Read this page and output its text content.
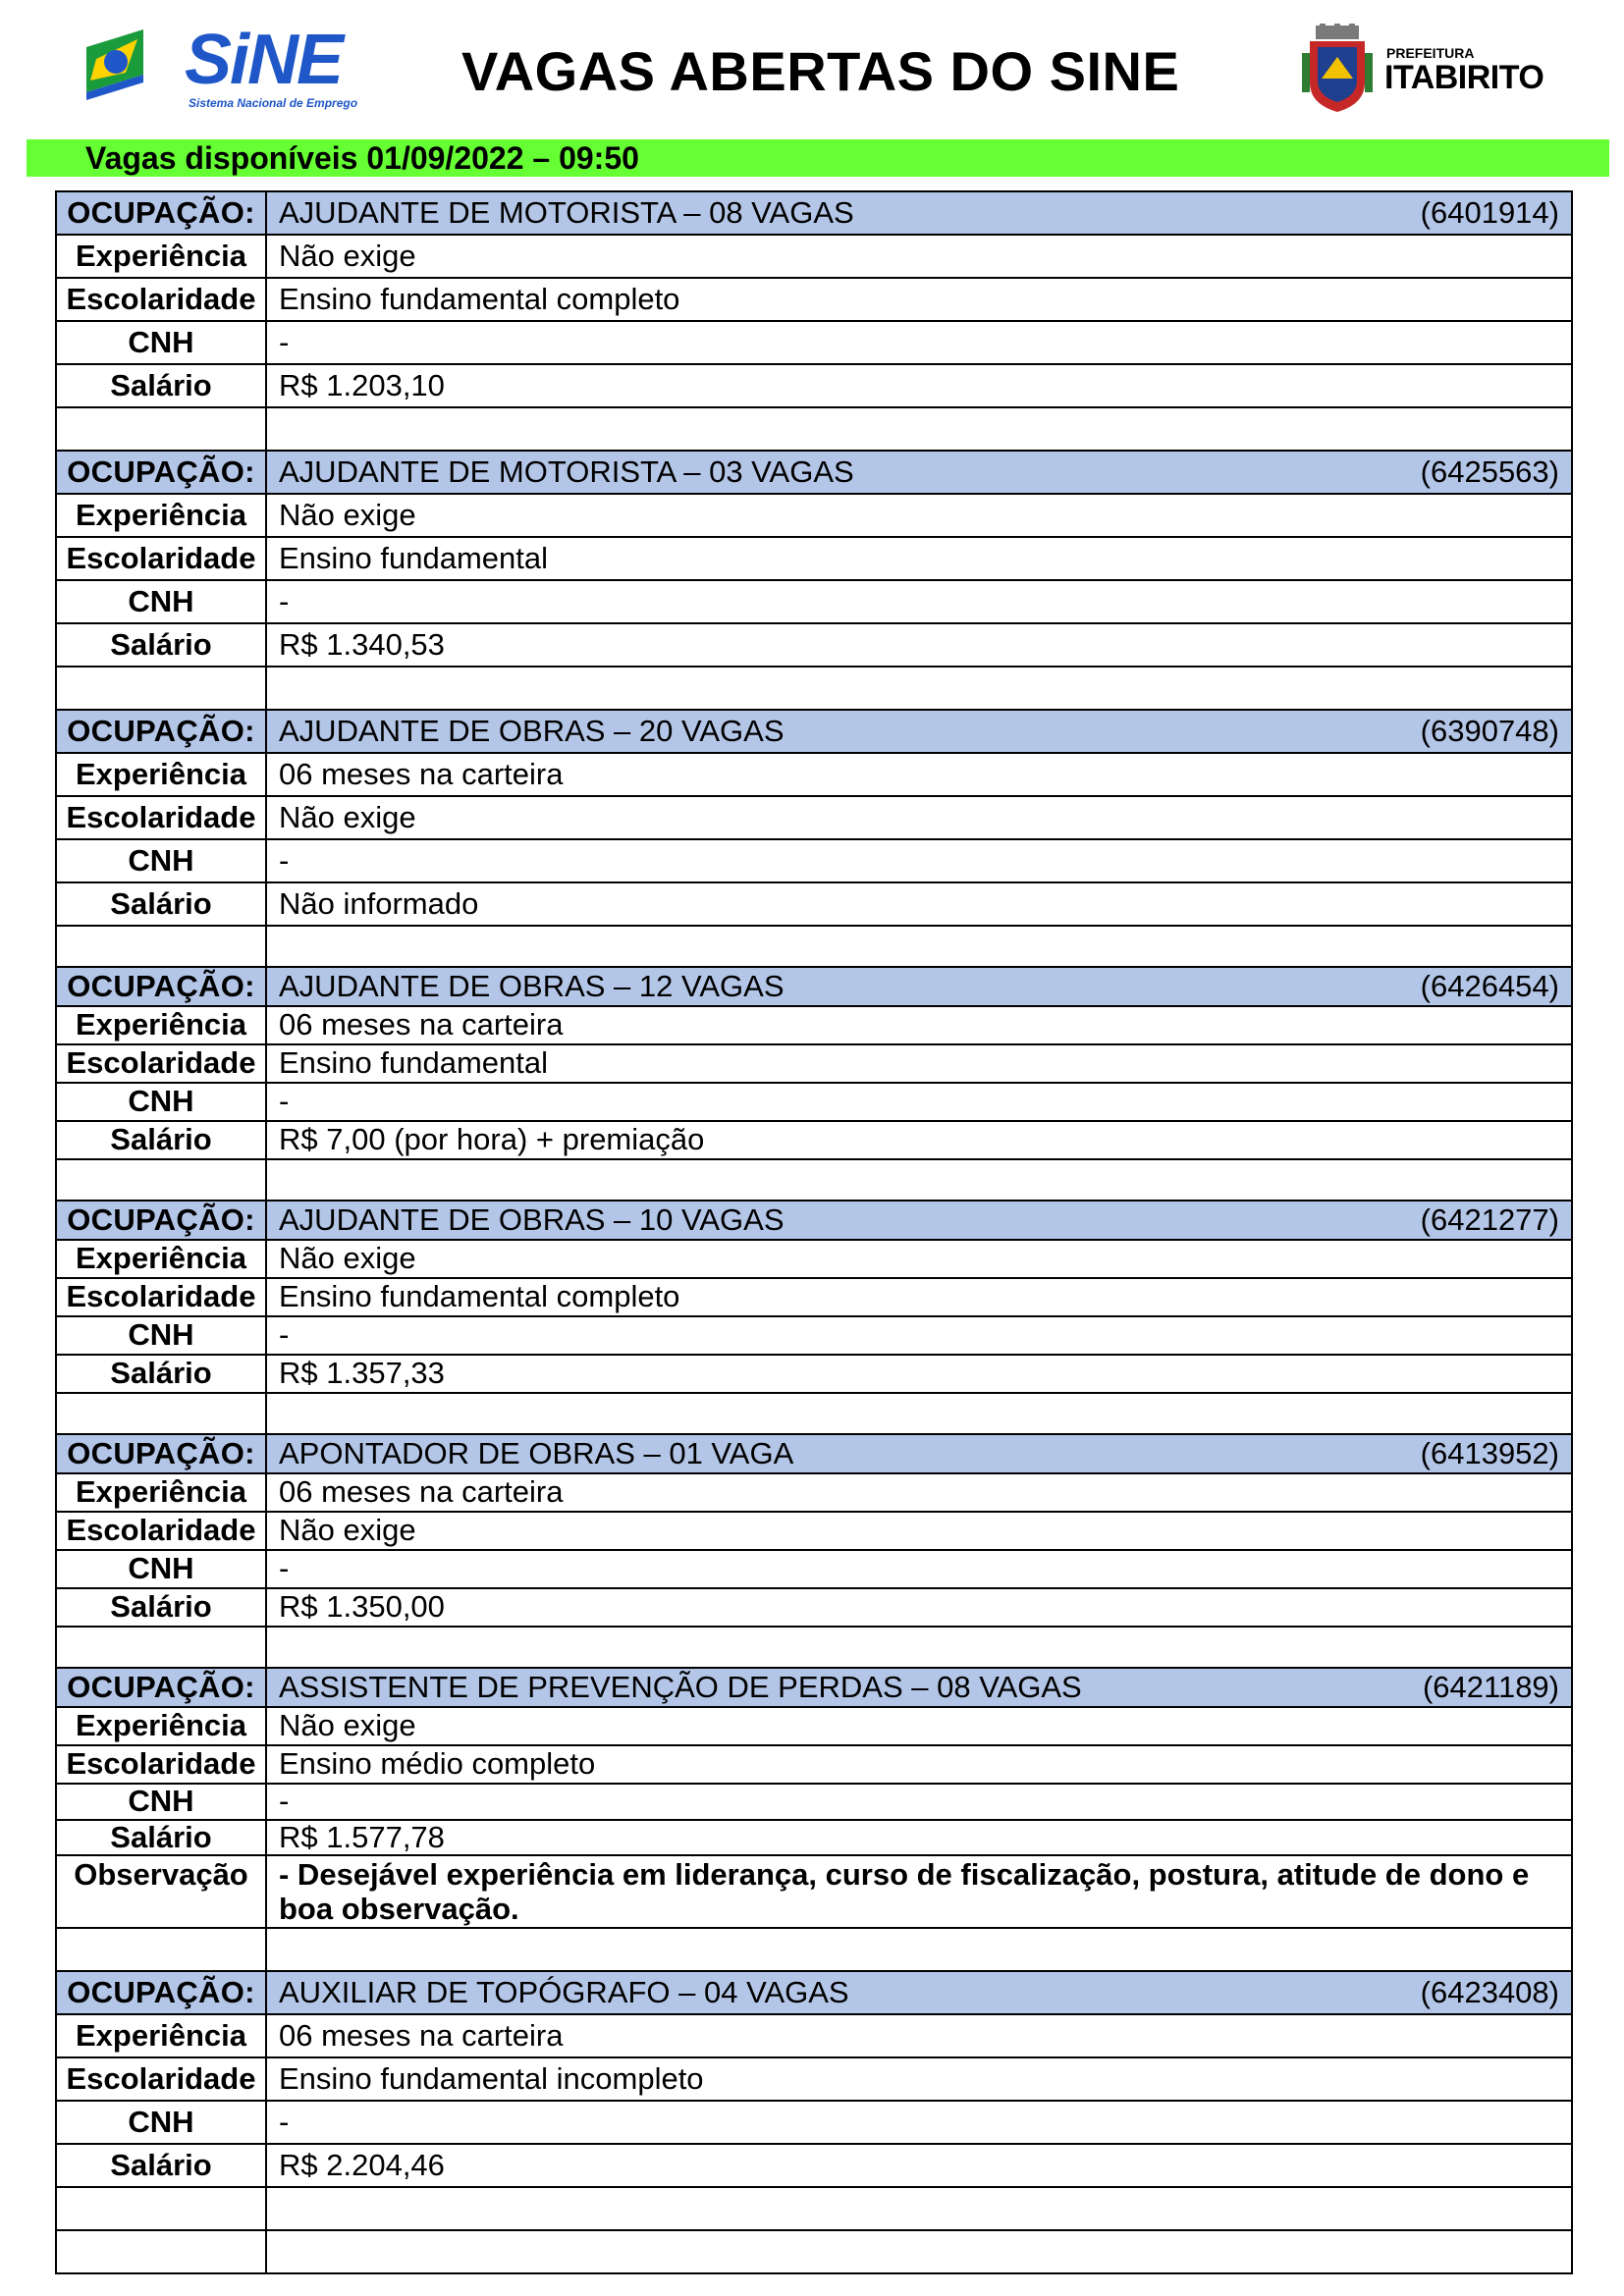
SiNE
Sistema Nacional de Emprego
VAGAS ABERTAS DO SINE	PREFEITURA
ITABIRITO
Vagas disponíveis 01/09/2022 – 09:50
OCUPAÇÃO:	AJUDANTE DE MOTORISTA – 08 VAGAS (6401914)

Experiência	Não exige
Escolaridade	Ensino fundamental completo
CNH	-
Salário	R$ 1.203,10

OCUPAÇÃO:	AJUDANTE DE MOTORISTA – 03 VAGAS (6425563)

Experiência	Não exige
Escolaridade	Ensino fundamental
CNH	-
Salário	R$ 1.340,53

OCUPAÇÃO:	AJUDANTE DE OBRAS – 20 VAGAS (6390748)

Experiência	06 meses na carteira
Escolaridade	Não exige
CNH	-
Salário	Não informado

OCUPAÇÃO:	AJUDANTE DE OBRAS – 12 VAGAS (6426454)

Experiência	06 meses na carteira
Escolaridade	Ensino fundamental
CNH	-
Salário	R$ 7,00 (por hora) + premiação

OCUPAÇÃO:	AJUDANTE DE OBRAS – 10 VAGAS (6421277)

Experiência	Não exige
Escolaridade	Ensino fundamental completo
CNH	-
Salário	R$ 1.357,33

OCUPAÇÃO:	APONTADOR DE OBRAS – 01 VAGA (6413952)

Experiência	06 meses na carteira
Escolaridade	Não exige
CNH	-
Salário	R$ 1.350,00

OCUPAÇÃO:	ASSISTENTE DE PREVENÇÃO DE PERDAS – 08 VAGAS (6421189)

Experiência	Não exige
Escolaridade	Ensino médio completo
CNH	-
Salário	R$ 1.577,78
Observação	- Desejável experiência em liderança, curso de fiscalização, postura, atitude de dono e boa observação.

OCUPAÇÃO:	AUXILIAR DE TOPÓGRAFO – 04 VAGAS (6423408)

Experiência	06 meses na carteira
Escolaridade	Ensino fundamental incompleto
CNH	-
Salário	R$ 2.204,46
